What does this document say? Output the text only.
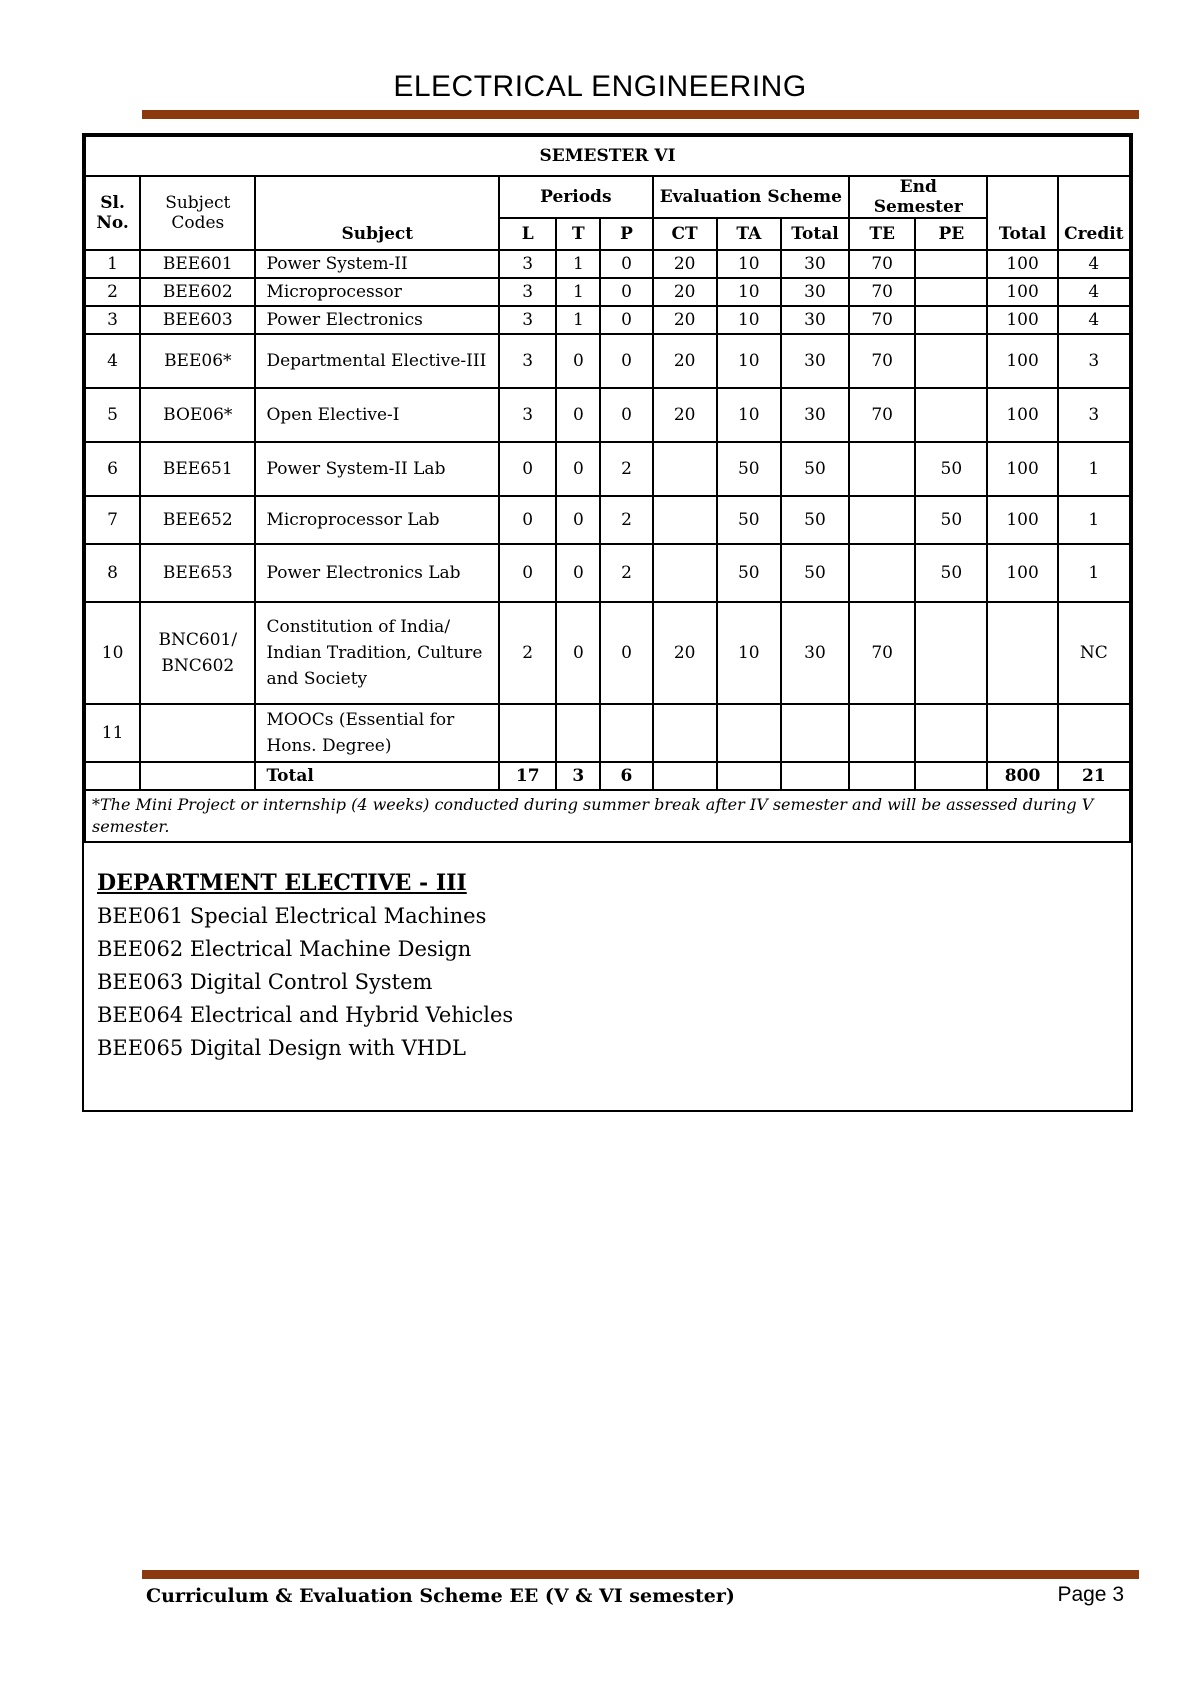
ELECTRICAL ENGINEERING
SEMESTER VI												
Sl. No.	Subject Codes	Subject	Periods			Evaluation Scheme			End Semester		Total	Credit
			L	T	P	CT	TA	Total	TE	PE		
1	BEE601	Power System-II	3	1	0	20	10	30	70		100	4
2	BEE602	Microprocessor	3	1	0	20	10	30	70		100	4
3	BEE603	Power Electronics	3	1	0	20	10	30	70		100	4
4	BEE06*	Departmental Elective-III	3	0	0	20	10	30	70		100	3
5	BOE06*	Open Elective-I	3	0	0	20	10	30	70		100	3
6	BEE651	Power System-II Lab	0	0	2		50	50		50	100	1
7	BEE652	Microprocessor Lab	0	0	2		50	50		50	100	1
8	BEE653	Power Electronics Lab	0	0	2		50	50		50	100	1
10	BNC601/ BNC602	Constitution of India/ Indian Tradition, Culture and Society	2	0	0	20	10	30	70			NC
11		MOOCs (Essential for Hons. Degree)										
		Total	17	3	6						800	21
*The Mini Project or internship (4 weeks) conducted during summer break after IV semester and will be assessed during V semester.												
DEPARTMENT ELECTIVE - III
BEE061 Special Electrical Machines
BEE062 Electrical Machine Design
BEE063 Digital Control System
BEE064 Electrical and Hybrid Vehicles
BEE065 Digital Design with VHDL
Curriculum & Evaluation Scheme EE (V & VI semester)	Page 3
